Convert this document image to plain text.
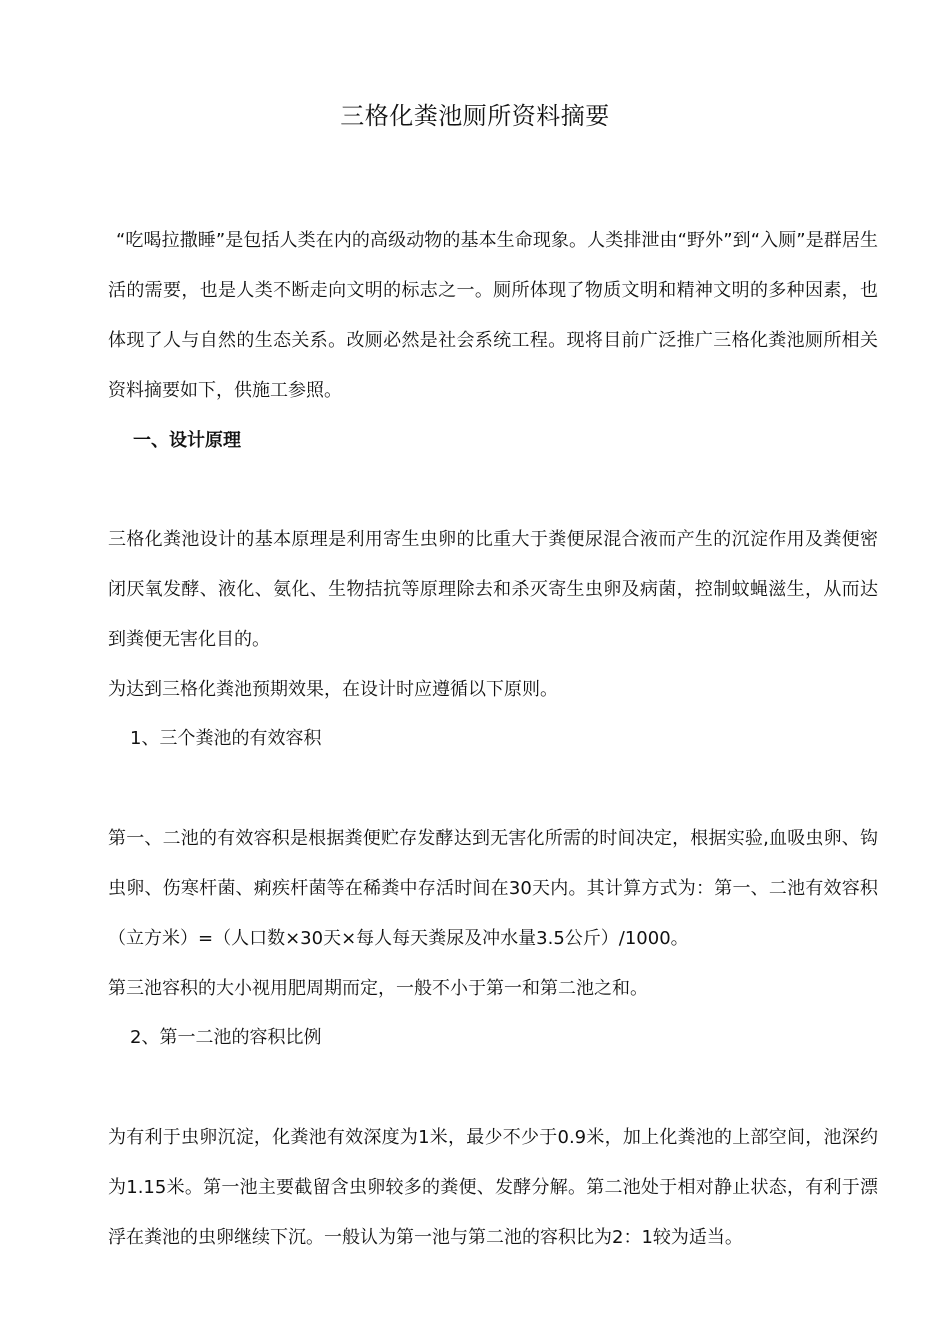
三格化粪池厕所资料摘要

“吃喝拉撒睡”是包括人类在内的高级动物的基本生命现象。人类排泄由“野外”到“入厕”是群居生活的需要，也是人类不断走向文明的标志之一。厕所体现了物质文明和精神文明的多种因素，也体现了人与自然的生态关系。改厕必然是社会系统工程。现将目前广泛推广三格化粪池厕所相关资料摘要如下，供施工参照。

一、设计原理

三格化粪池设计的基本原理是利用寄生虫卵的比重大于粪便尿混合液而产生的沉淀作用及粪便密闭厌氧发酵、液化、氨化、生物拮抗等原理除去和杀灭寄生虫卵及病菌，控制蚊蝇滋生，从而达到粪便无害化目的。

为达到三格化粪池预期效果，在设计时应遵循以下原则。

1、三个粪池的有效容积

第一、二池的有效容积是根据粪便贮存发酵达到无害化所需的时间决定，根据实验,血吸虫卵、钩虫卵、伤寒杆菌、痢疾杆菌等在稀粪中存活时间在30天内。其计算方式为：第一、二池有效容积（立方米）=（人口数×30天×每人每天粪尿及冲水量3.5公斤）/1000。

第三池容积的大小视用肥周期而定，一般不小于第一和第二池之和。

2、第一二池的容积比例

为有利于虫卵沉淀，化粪池有效深度为1米，最少不少于0.9米，加上化粪池的上部空间，池深约为1.15米。第一池主要截留含虫卵较多的粪便、发酵分解。第二池处于相对静止状态，有利于漂浮在粪池的虫卵继续下沉。一般认为第一池与第二池的容积比为2：1较为适当。
